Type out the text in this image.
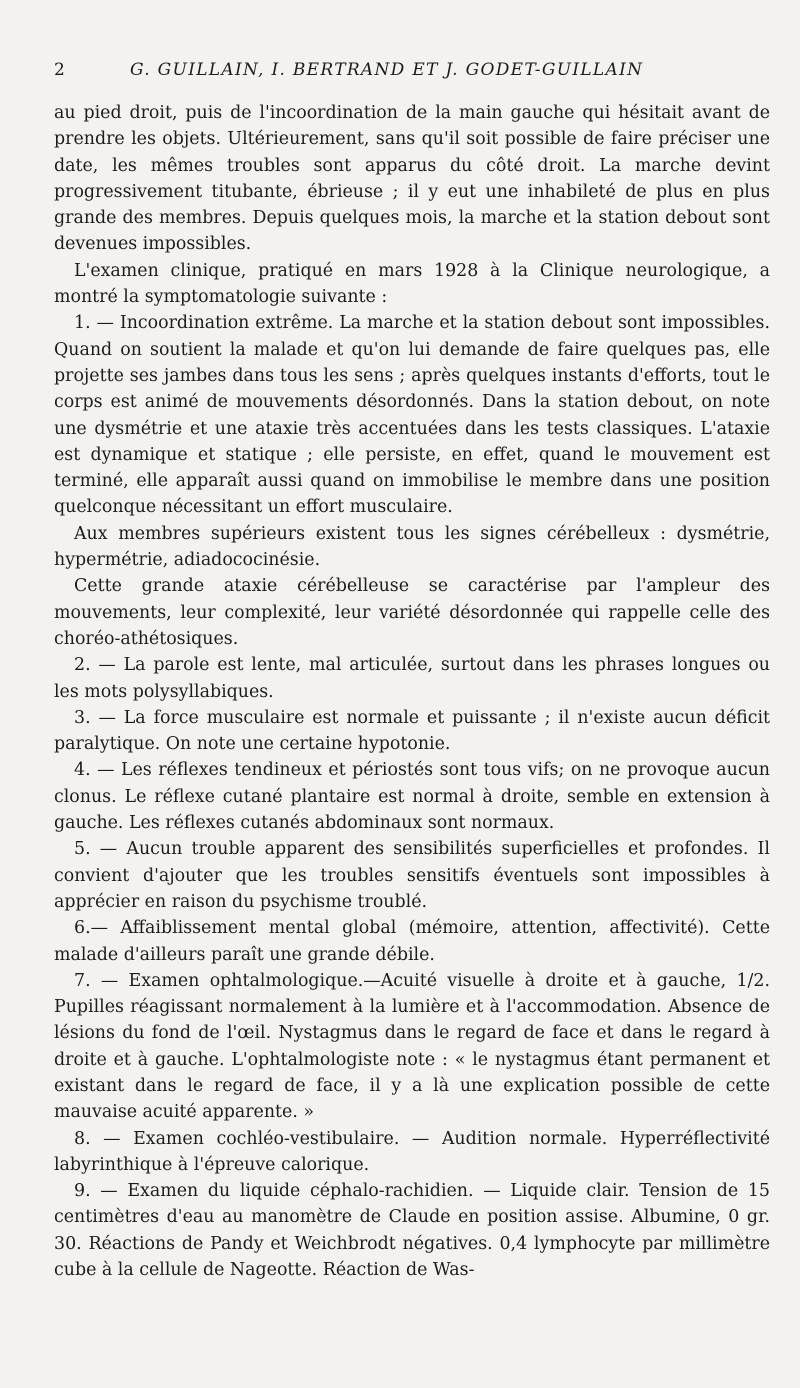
2	G. GUILLAIN, I. BERTRAND ET J. GODET-GUILLAIN

au pied droit, puis de l'incoordination de la main gauche qui hésitait avant de prendre les objets. Ultérieurement, sans qu'il soit possible de faire préciser une date, les mêmes troubles sont apparus du côté droit. La marche devint progressivement titubante, ébrieuse ; il y eut une inhabileté de plus en plus grande des membres. Depuis quelques mois, la marche et la station debout sont devenues impossibles.

L'examen clinique, pratiqué en mars 1928 à la Clinique neurologique, a montré la symptomatologie suivante :

1. — Incoordination extrême. La marche et la station debout sont impossibles. Quand on soutient la malade et qu'on lui demande de faire quelques pas, elle projette ses jambes dans tous les sens ; après quelques instants d'efforts, tout le corps est animé de mouvements désordonnés. Dans la station debout, on note une dysmétrie et une ataxie très accentuées dans les tests classiques. L'ataxie est dynamique et statique ; elle persiste, en effet, quand le mouvement est terminé, elle apparaît aussi quand on immobilise le membre dans une position quelconque nécessitant un effort musculaire.

Aux membres supérieurs existent tous les signes cérébelleux : dysmétrie, hypermétrie, adiadococinésie.

Cette grande ataxie cérébelleuse se caractérise par l'ampleur des mouvements, leur complexité, leur variété désordonnée qui rappelle celle des choréo-athétosiques.

2. — La parole est lente, mal articulée, surtout dans les phrases longues ou les mots polysyllabiques.

3. — La force musculaire est normale et puissante ; il n'existe aucun déficit paralytique. On note une certaine hypotonie.

4. — Les réflexes tendineux et périostés sont tous vifs; on ne provoque aucun clonus. Le réflexe cutané plantaire est normal à droite, semble en extension à gauche. Les réflexes cutanés abdominaux sont normaux.

5. — Aucun trouble apparent des sensibilités superficielles et profondes. Il convient d'ajouter que les troubles sensitifs éventuels sont impossibles à apprécier en raison du psychisme troublé.

6.— Affaiblissement mental global (mémoire, attention, affectivité). Cette malade d'ailleurs paraît une grande débile.

7. — Examen ophtalmologique.—Acuité visuelle à droite et à gauche, 1/2. Pupilles réagissant normalement à la lumière et à l'accommodation. Absence de lésions du fond de l'œil. Nystagmus dans le regard de face et dans le regard à droite et à gauche. L'ophtalmologiste note : « le nystagmus étant permanent et existant dans le regard de face, il y a là une explication possible de cette mauvaise acuité apparente. »

8. — Examen cochléo-vestibulaire. — Audition normale. Hyperréflectivité labyrinthique à l'épreuve calorique.

9. — Examen du liquide céphalo-rachidien. — Liquide clair. Tension de 15 centimètres d'eau au manomètre de Claude en position assise. Albumine, 0 gr. 30. Réactions de Pandy et Weichbrodt négatives. 0,4 lymphocyte par millimètre cube à la cellule de Nageotte. Réaction de Was-
